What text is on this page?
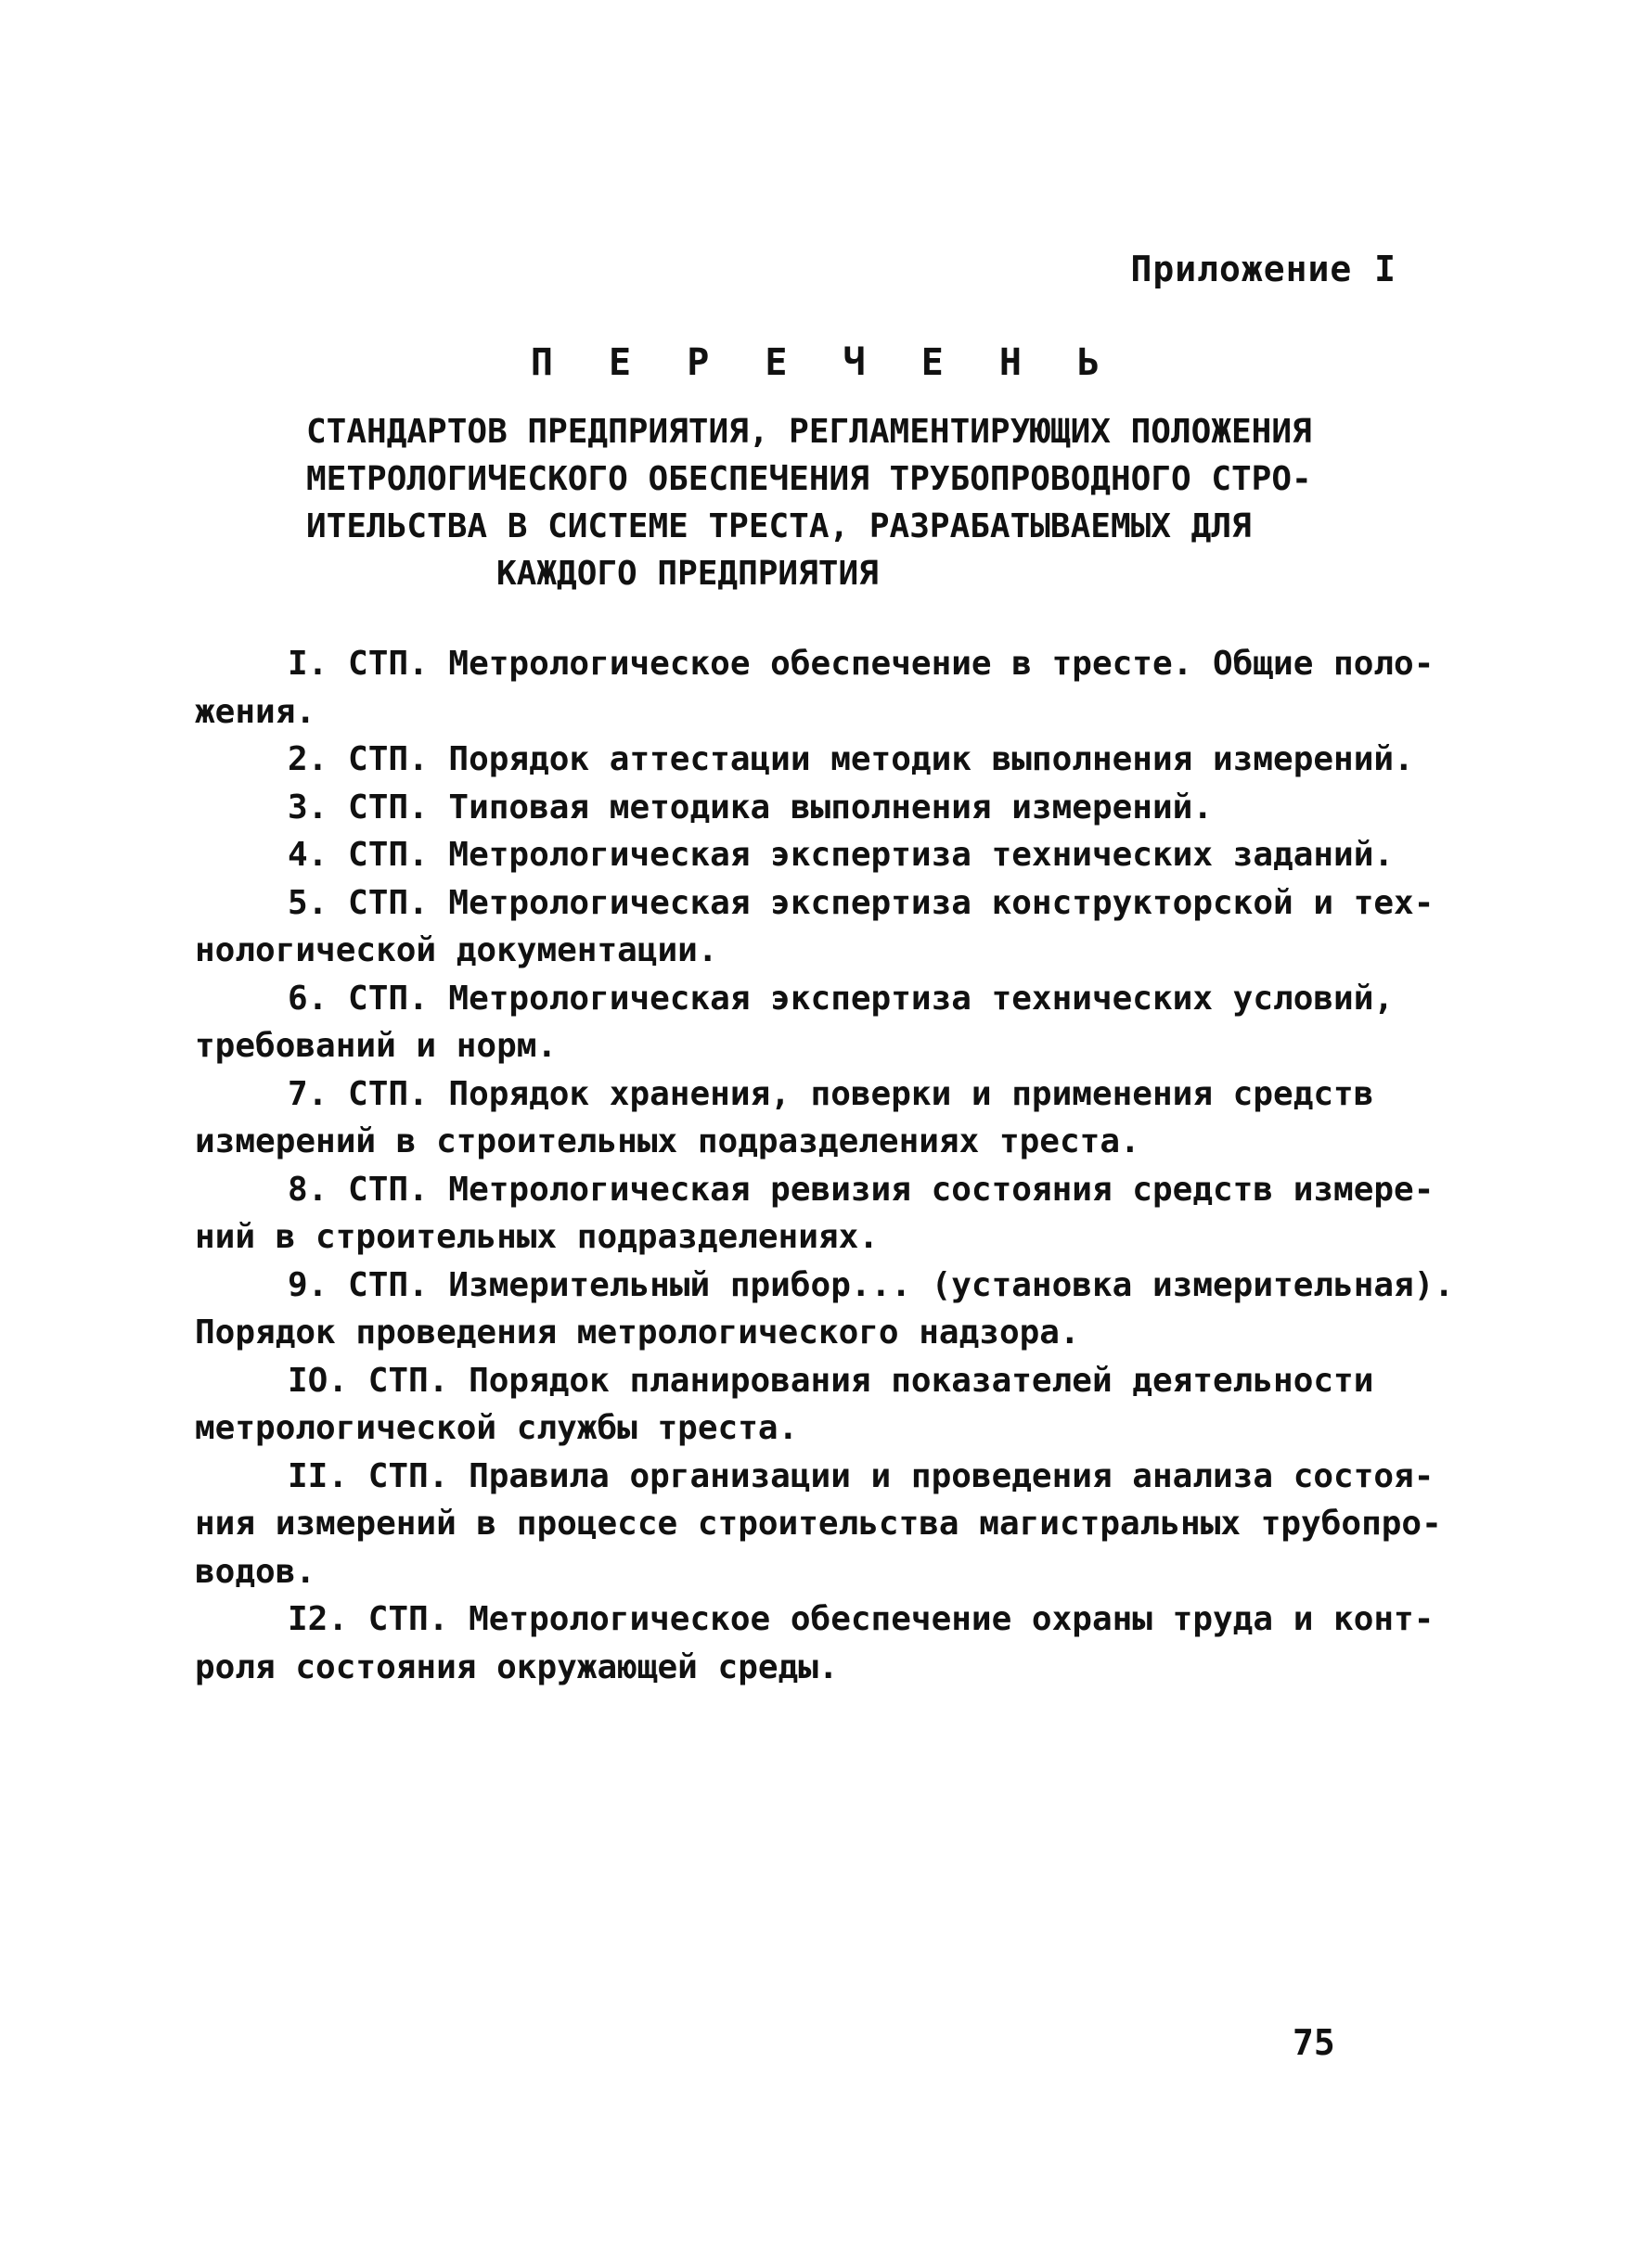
Приложение I
П Е Р Е Ч Е Н Ь
СТАНДАРТОВ ПРЕДПРИЯТИЯ, РЕГЛАМЕНТИРУЮЩИХ ПОЛОЖЕНИЯ
МЕТРОЛОГИЧЕСКОГО ОБЕСПЕЧЕНИЯ ТРУБОПРОВОДНОГО СТРО-
ИТЕЛЬСТВА В СИСТЕМЕ ТРЕСТА, РАЗРАБАТЫВАЕМЫХ ДЛЯ
КАЖДОГО ПРЕДПРИЯТИЯ
I. СТП. Метрологическое обеспечение в тресте. Общие поло-
жения.
2. СТП. Порядок аттестации методик выполнения измерений.
3. СТП. Типовая методика выполнения измерений.
4. СТП. Метрологическая экспертиза технических заданий.
5. СТП. Метрологическая экспертиза конструкторской и тех-
нологической документации.
6. СТП. Метрологическая экспертиза технических условий,
требований и норм.
7. СТП. Порядок хранения, поверки и применения средств
измерений в строительных подразделениях треста.
8. СТП. Метрологическая ревизия состояния средств измере-
ний в строительных подразделениях.
9. СТП. Измерительный прибор... (установка измерительная).
Порядок проведения метрологического надзора.
IO. СТП. Порядок планирования показателей деятельности
метрологической службы треста.
II. СТП. Правила организации и проведения анализа состоя-
ния измерений в процессе строительства магистральных трубопро-
водов.
I2. СТП. Метрологическое обеспечение охраны труда и конт-
роля состояния окружающей среды.
75
